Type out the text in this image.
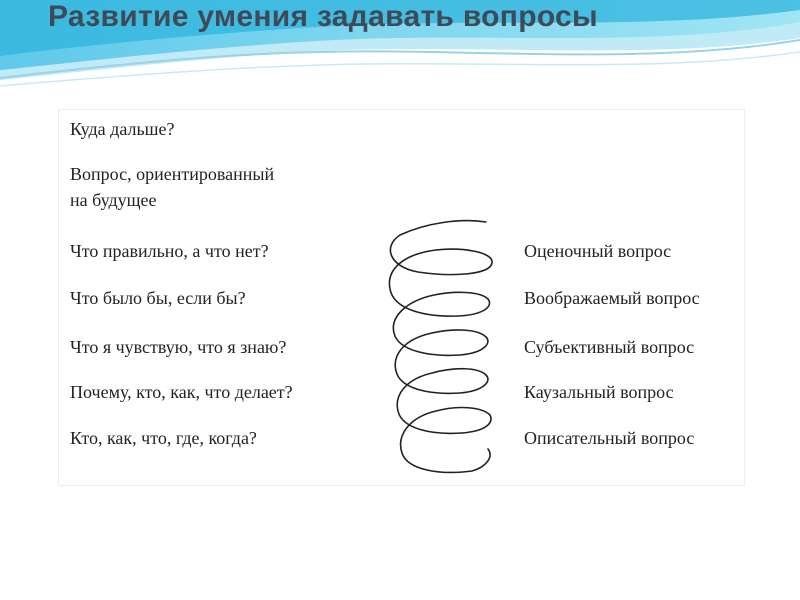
Развитие умения задавать вопросы
Куда дальше?
Вопрос, ориентированный
на будущее
Что правильно, а что нет?
Что было бы, если бы?
Что я чувствую, что я знаю?
Почему, кто, как, что делает?
Кто, как, что, где, когда?
Оценочный вопрос
Воображаемый вопрос
Субъективный вопрос
Каузальный вопрос
Описательный вопрос
